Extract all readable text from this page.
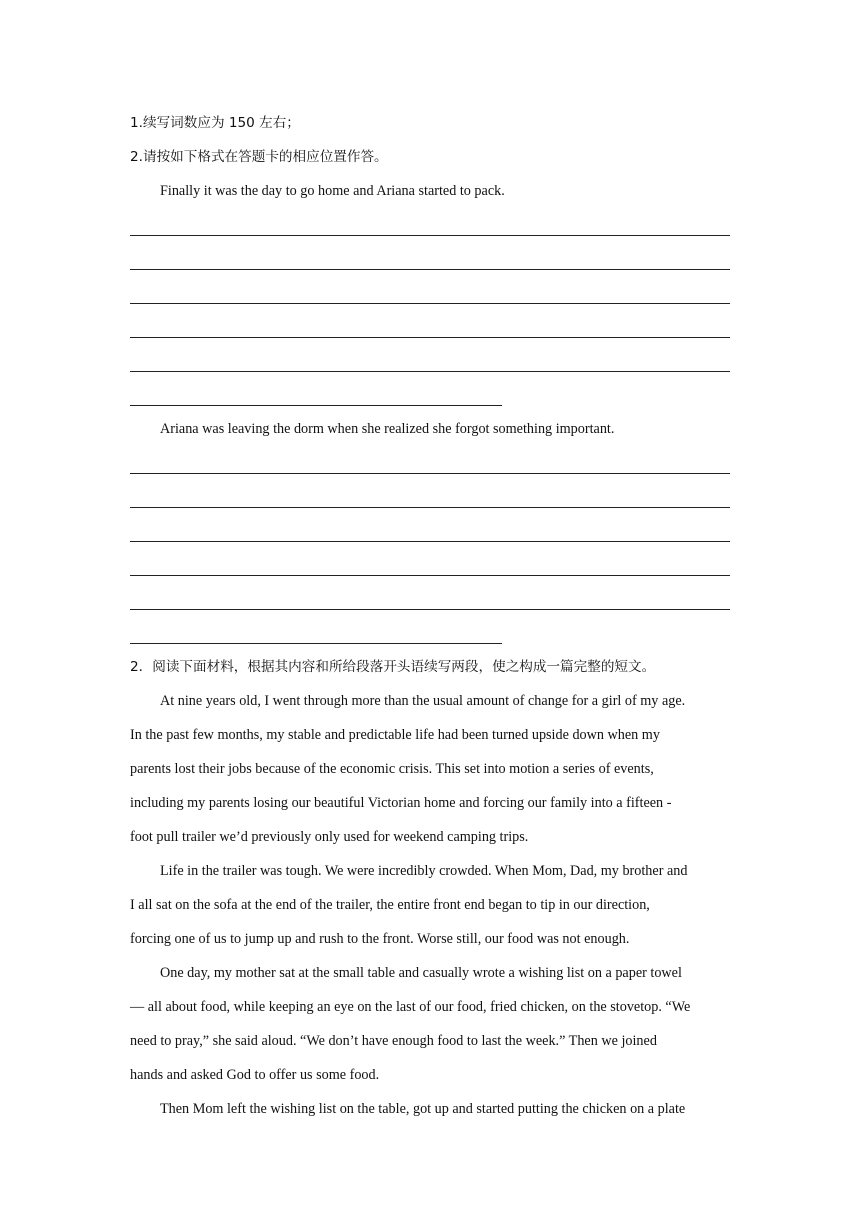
1.续写词数应为 150 左右；
2.请按如下格式在答题卡的相应位置作答。
Finally it was the day to go home and Ariana started to pack.
Ariana was leaving the dorm when she realized she forgot something important.
2．阅读下面材料，根据其内容和所给段落开头语续写两段，使之构成一篇完整的短文。
At nine years old, I went through more than the usual amount of change for a girl of my age.
In the past few months, my stable and predictable life had been turned upside down when my
parents lost their jobs because of the economic crisis. This set into motion a series of events,
including my parents losing our beautiful Victorian home and forcing our family into a fifteen -
foot pull trailer we’d previously only used for weekend camping trips.
Life in the trailer was tough. We were incredibly crowded. When Mom, Dad, my brother and
I all sat on the sofa at the end of the trailer, the entire front end began to tip in our direction,
forcing one of us to jump up and rush to the front. Worse still, our food was not enough.
One day, my mother sat at the small table and casually wrote a wishing list on a paper towel
— all about food, while keeping an eye on the last of our food, fried chicken, on the stovetop. “We
need to pray,” she said aloud. “We don’t have enough food to last the week.” Then we joined
hands and asked God to offer us some food.
Then Mom left the wishing list on the table, got up and started putting the chicken on a plate
